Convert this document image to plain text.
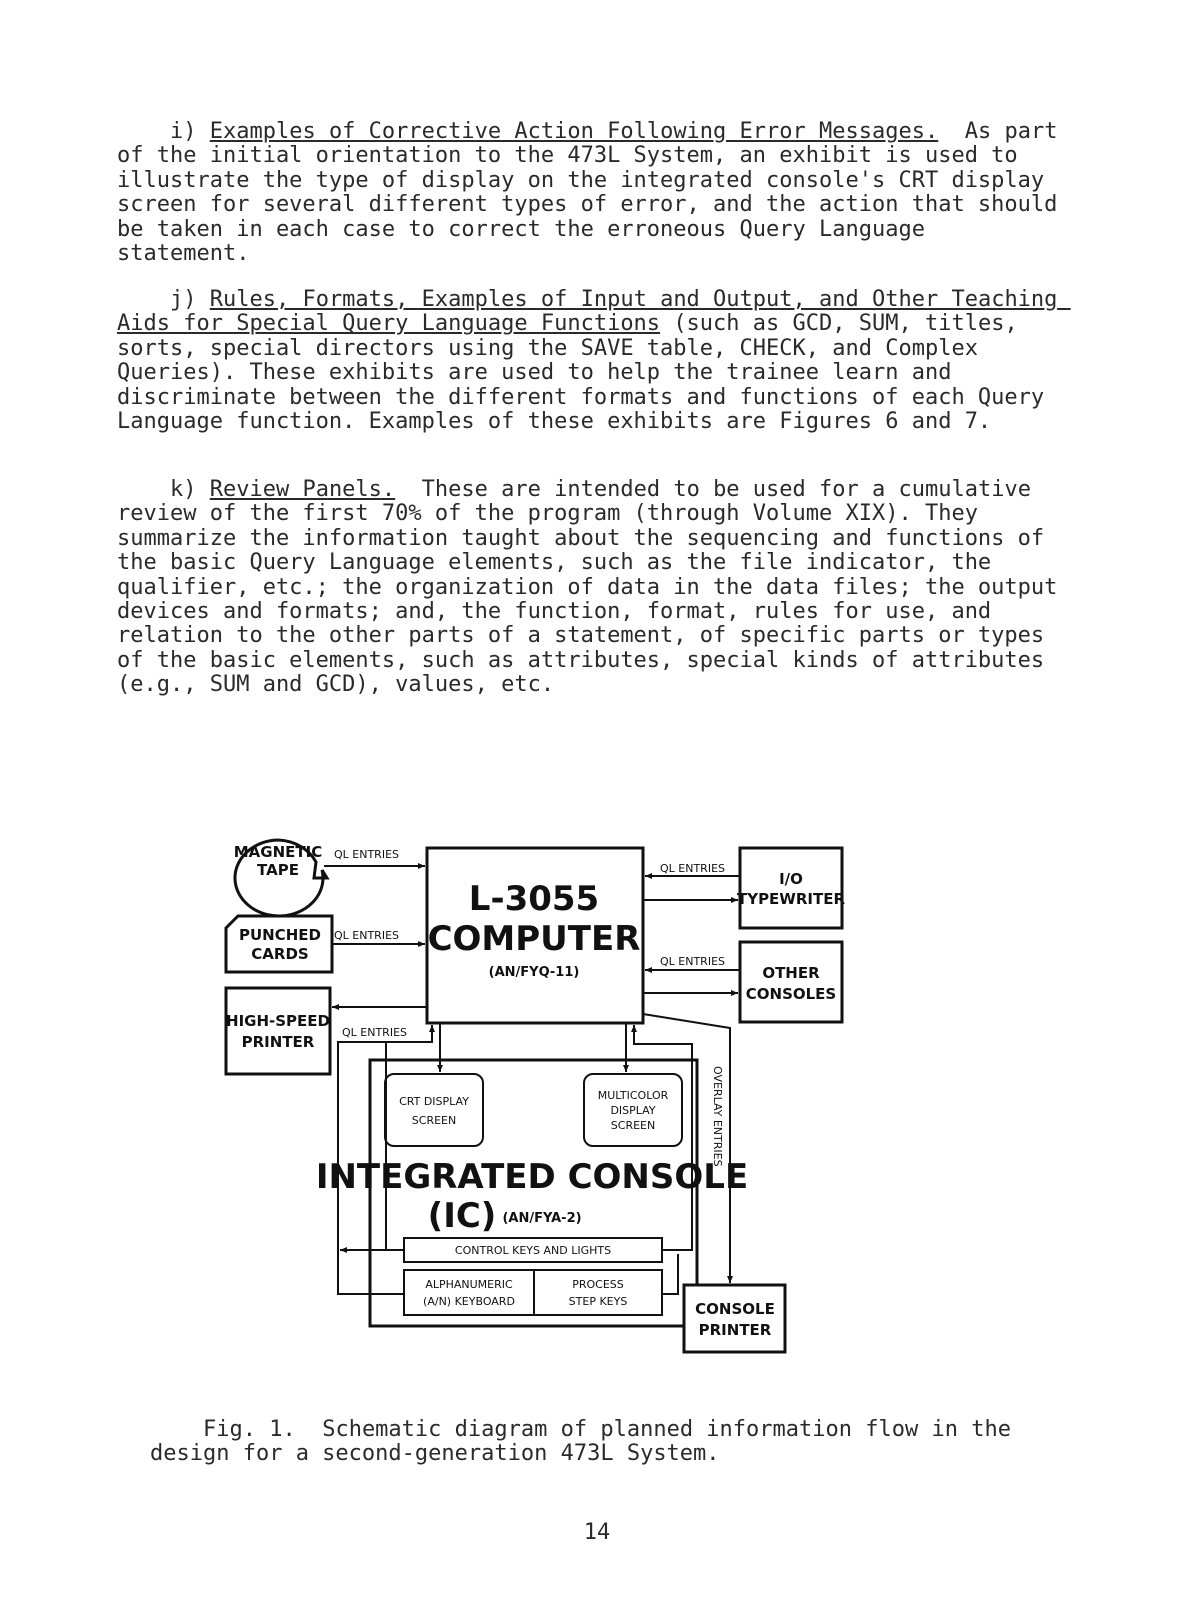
i) Examples of Corrective Action Following Error Messages. As part of the initial orientation to the 473L System, an exhibit is used to illustrate the type of display on the integrated console's CRT display screen for several different types of error, and the action that should be taken in each case to correct the erroneous Query Language statement.

j) Rules, Formats, Examples of Input and Output, and Other Teaching Aids for Special Query Language Functions (such as GCD, SUM, titles, sorts, special directors using the SAVE table, CHECK, and Complex Queries). These exhibits are used to help the trainee learn and discriminate between the different formats and functions of each Query Language function. Examples of these exhibits are Figures 6 and 7.

k) Review Panels. These are intended to be used for a cumulative review of the first 70% of the program (through Volume XIX). They summarize the information taught about the sequencing and functions of the basic Query Language elements, such as the file indicator, the qualifier, etc.; the organization of data in the data files; the output devices and formats; and, the function, format, rules for use, and relation to the other parts of a statement, of specific parts or types of the basic elements, such as attributes, special kinds of attributes (e.g., SUM and GCD), values, etc.

MAGNETIC
TAPE
PUNCHED
CARDS
HIGH-SPEED
PRINTER
QL ENTRIES
QL ENTRIES
QL ENTRIES
QL ENTRIES
QL ENTRIES
L-3055
COMPUTER
(AN/FYQ-11)
I/O
TYPEWRITER
OTHER
CONSOLES
CRT DISPLAY
SCREEN
MULTICOLOR
DISPLAY
SCREEN	OVERLAY ENTRIES
INTEGRATED CONSOLE
(IC) (AN/FYA-2)
CONTROL KEYS AND LIGHTS
ALPHANUMERIC
(A/N) KEYBOARD
PROCESS
STEP KEYS	CONSOLE
PRINTER

Fig. 1. Schematic diagram of planned information flow in the design for a second-generation 473L System.

14
